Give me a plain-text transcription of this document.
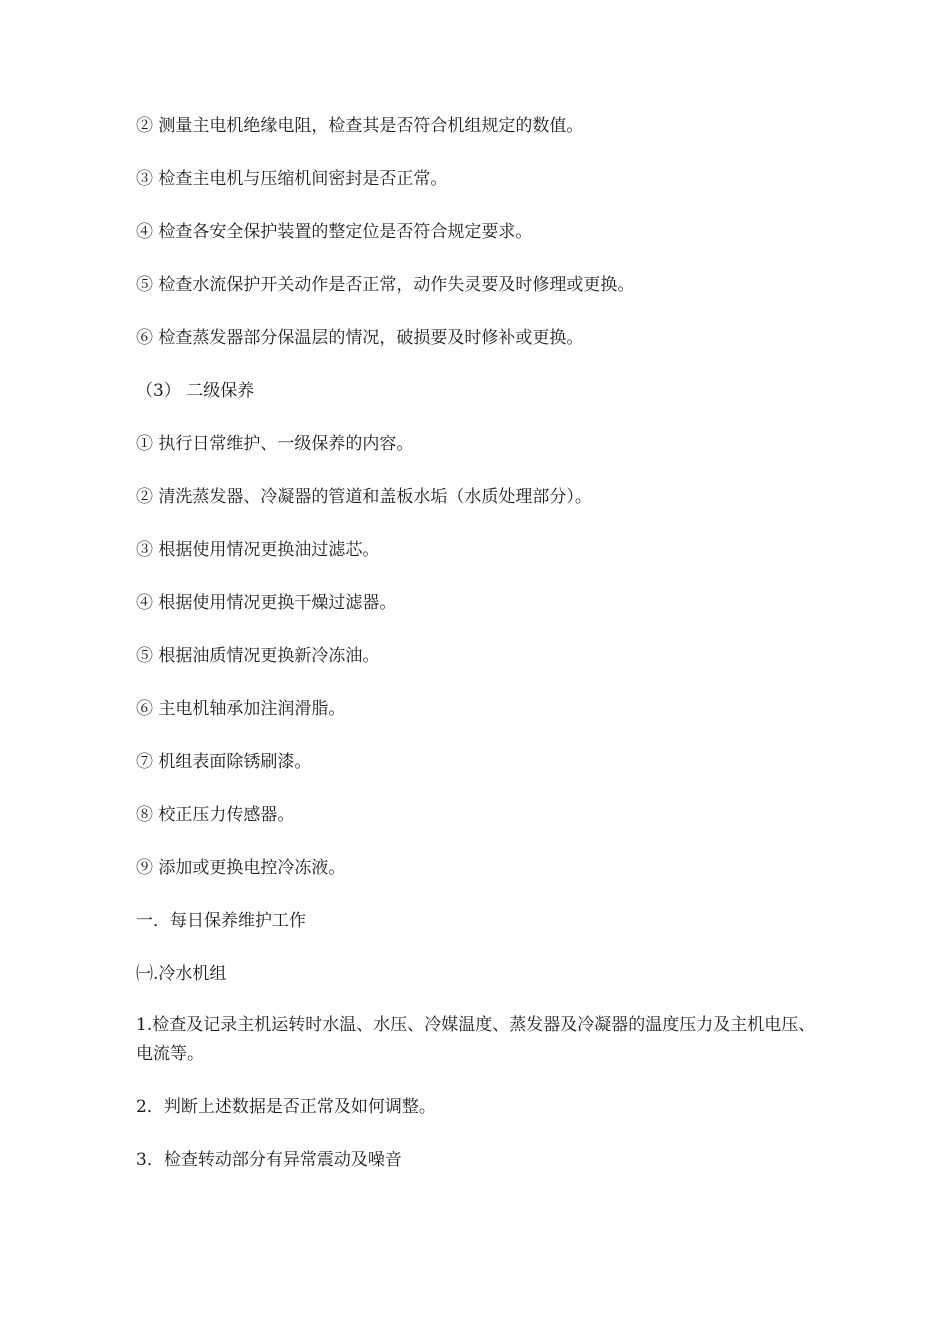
② 测量主电机绝缘电阻，检查其是否符合机组规定的数值。

③ 检查主电机与压缩机间密封是否正常。

④ 检查各安全保护装置的整定位是否符合规定要求。

⑤ 检查水流保护开关动作是否正常，动作失灵要及时修理或更换。

⑥ 检查蒸发器部分保温层的情况，破损要及时修补或更换。

（3） 二级保养

① 执行日常维护、一级保养的内容。

② 清洗蒸发器、冷凝器的管道和盖板水垢（水质处理部分）。

③ 根据使用情况更换油过滤芯。

④ 根据使用情况更换干燥过滤器。

⑤ 根据油质情况更换新冷冻油。

⑥ 主电机轴承加注润滑脂。

⑦ 机组表面除锈刷漆。

⑧ 校正压力传感器。

⑨ 添加或更换电控冷冻液。

一．每日保养维护工作

㈠.冷水机组

1.检查及记录主机运转时水温、水压、冷媒温度、蒸发器及冷凝器的温度压力及主机电压、电流等。

2．判断上述数据是否正常及如何调整。

3．检查转动部分有异常震动及噪音
